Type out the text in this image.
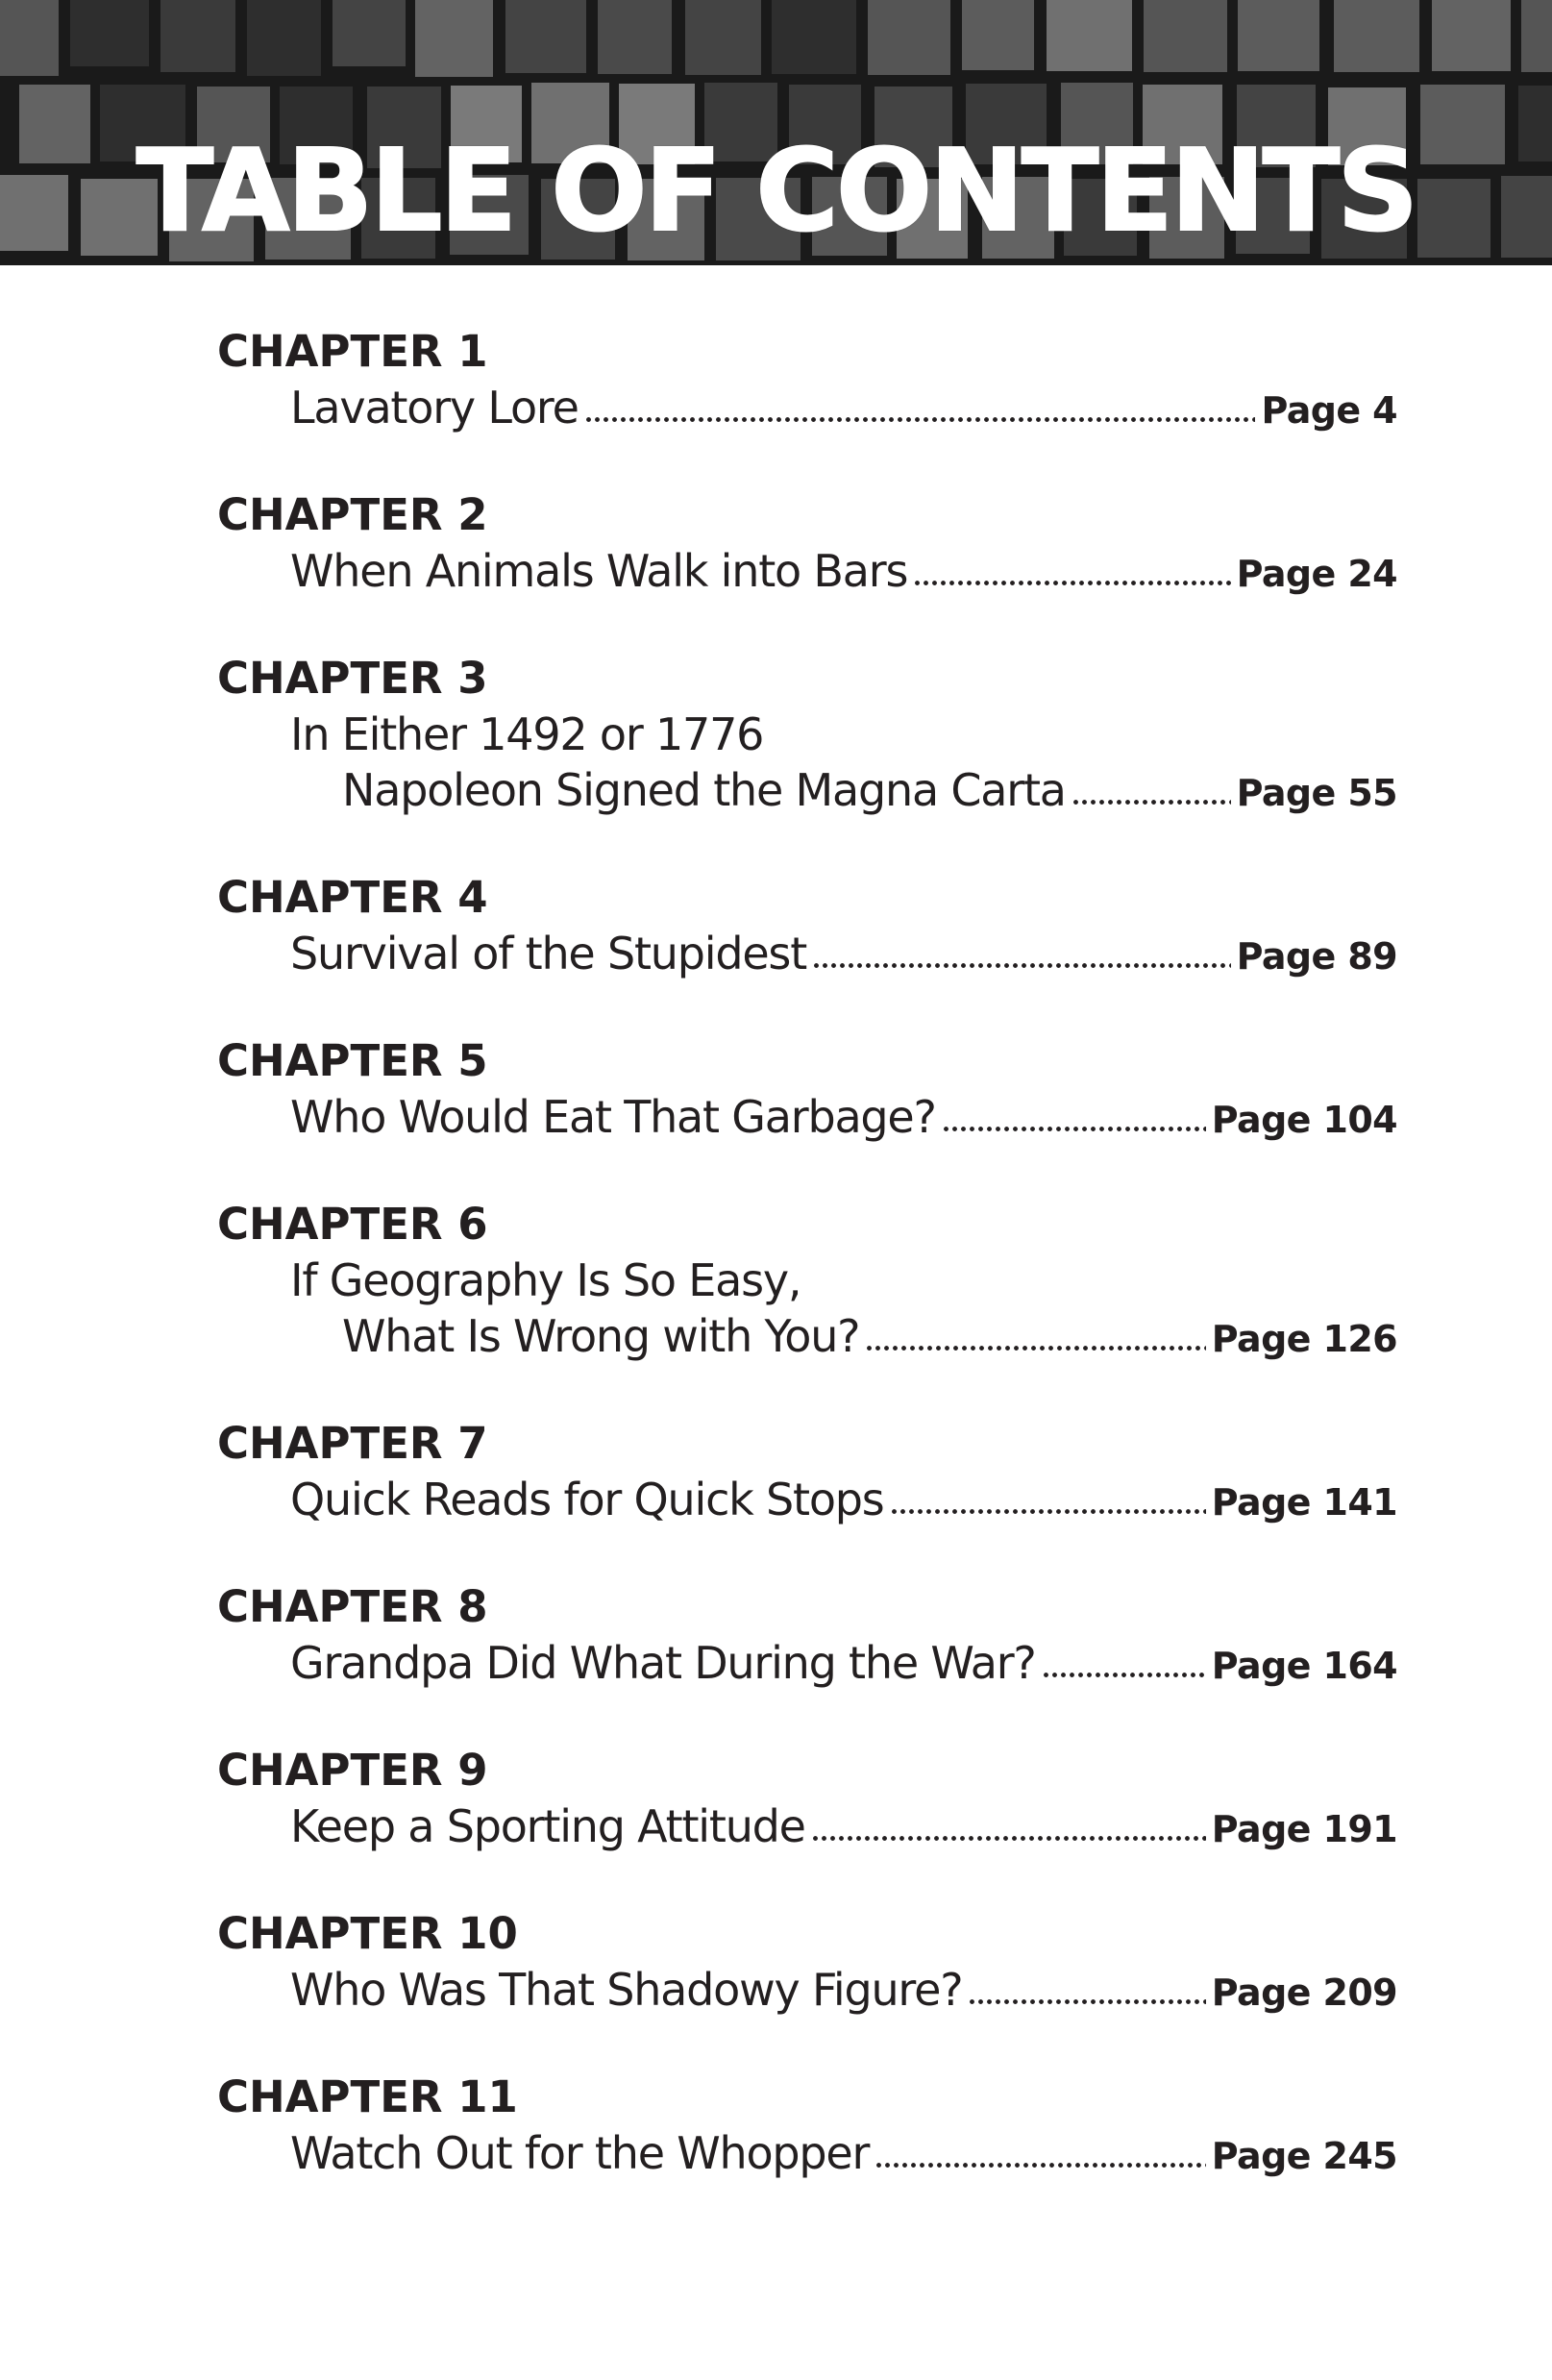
TABLE OF CONTENTS
CHAPTER 1
Lavatory Lore	Page 4
CHAPTER 2
When Animals Walk into Bars	Page 24
CHAPTER 3
In Either 1492 or 1776
Napoleon Signed the Magna Carta	Page 55
CHAPTER 4
Survival of the Stupidest	Page 89
CHAPTER 5
Who Would Eat That Garbage?	Page 104
CHAPTER 6
If Geography Is So Easy,
What Is Wrong with You?	Page 126
CHAPTER 7
Quick Reads for Quick Stops	Page 141
CHAPTER 8
Grandpa Did What During the War?	Page 164
CHAPTER 9
Keep a Sporting Attitude	Page 191
CHAPTER 10
Who Was That Shadowy Figure?	Page 209
CHAPTER 11
Watch Out for the Whopper	Page 245
